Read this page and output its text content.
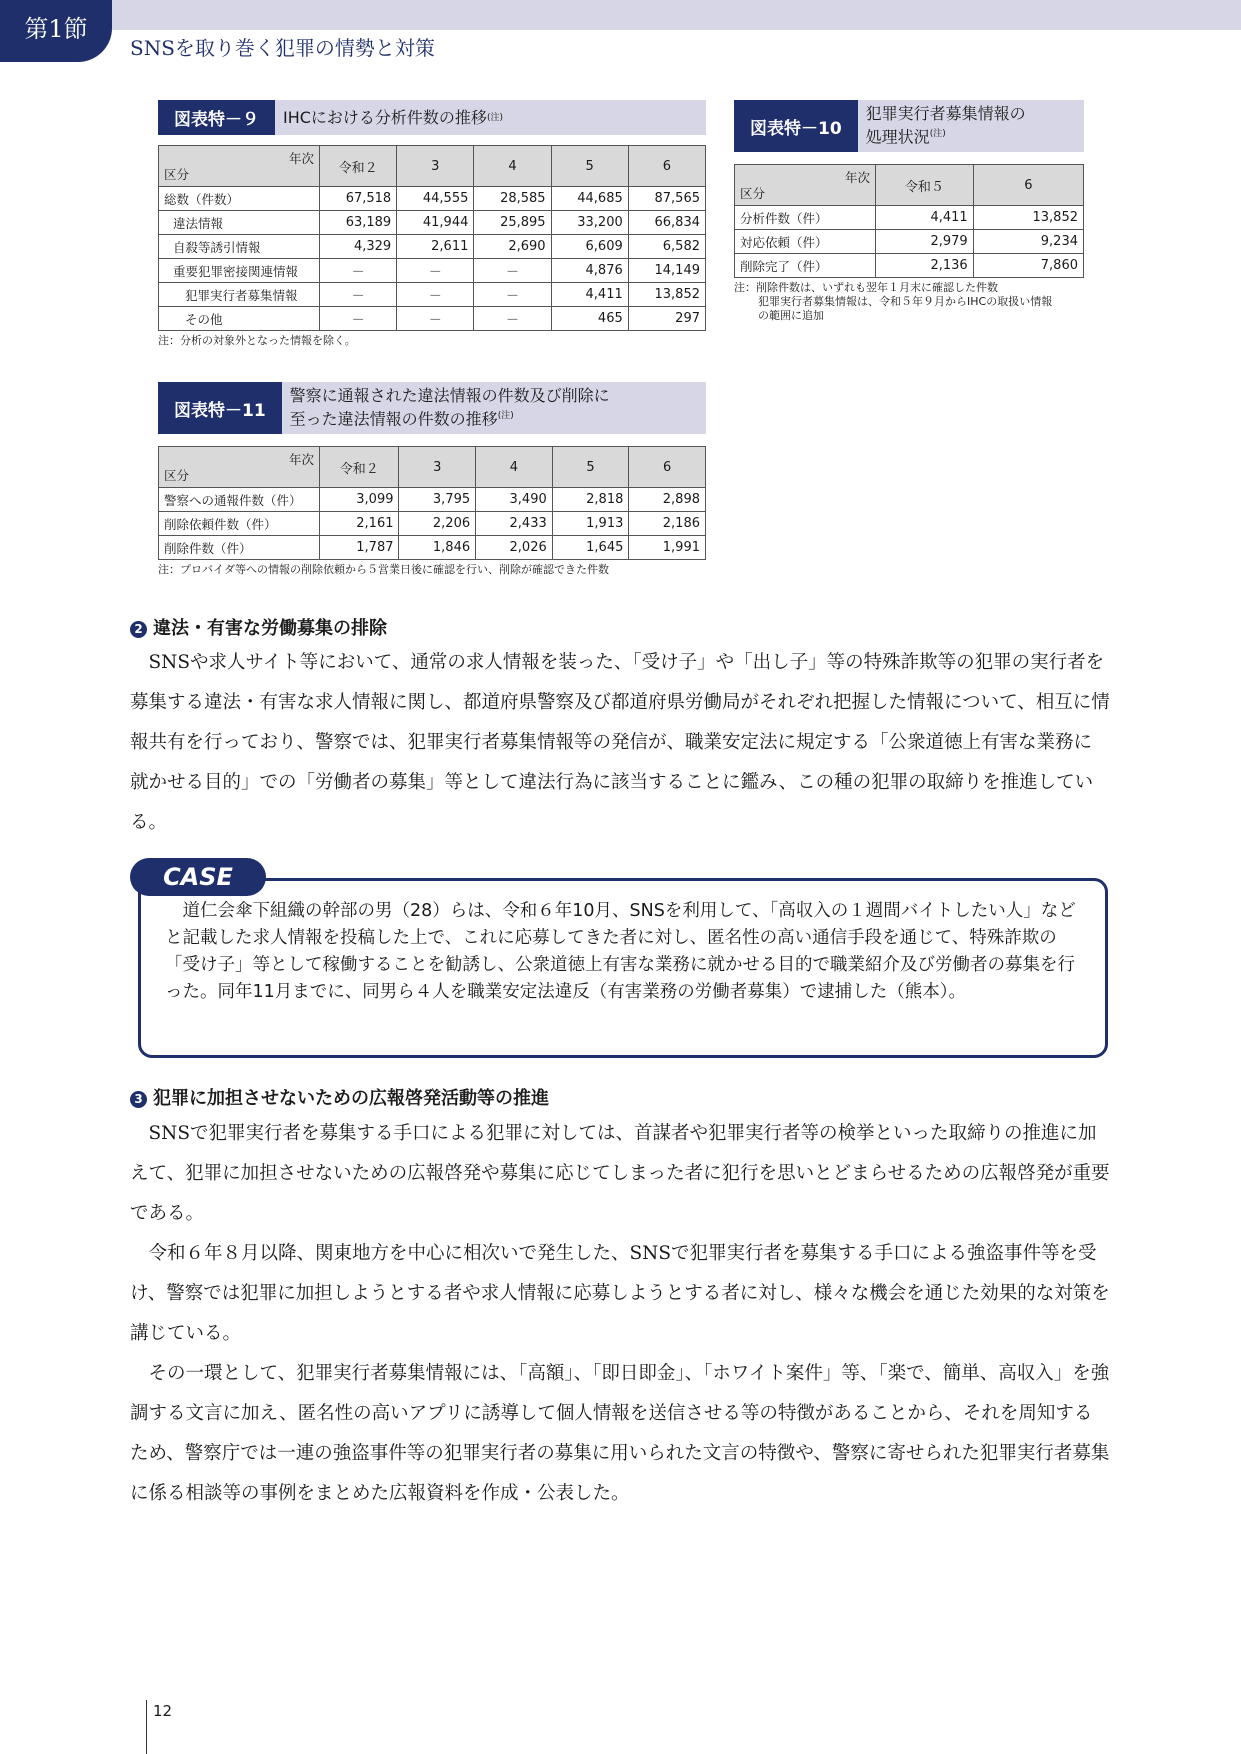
第1節
SNSを取り巻く犯罪の情勢と対策
図表特－９	IHCにおける分析件数の推移 (注)
年次
区分	令和２	3	4	5	6
総数（件数）	67,518	44,555	28,585	44,685	87,565
違法情報	63,189	41,944	25,895	33,200	66,834
自殺等誘引情報	4,329	2,611	2,690	6,609	6,582
重要犯罪密接関連情報	－	－	－	4,876	14,149
犯罪実行者募集情報	－	－	－	4,411	13,852
その他	－	－	－	465	297
注：分析の対象外となった情報を除く。
図表特－10
犯罪実行者募集情報の
処理状況$^{(注)}$
年次
区分	令和５	6
分析件数（件）	4,411	13,852
対応依頼（件）	2,979	9,234
削除完了（件）	2,136	7,860
注：削除件数は、いずれも翌年１月末に確認した件数
犯罪実行者募集情報は、令和５年９月からIHCの取扱い情報
の範囲に追加
図表特－11
警察に通報された違法情報の件数及び削除に
至った違法情報の件数の推移$^{(注)}$
年次
区分	令和２	3	4	5	6
警察への通報件数（件）	3,099	3,795	3,490	2,818	2,898
削除依頼件数（件）	2,161	2,206	2,433	1,913	2,186
削除件数（件）	1,787	1,846	2,026	1,645	1,991
注：プロバイダ等への情報の削除依頼から５営業日後に確認を行い、削除が確認できた件数
2 違法・有害な労働募集の排除

SNSや求人サイト等において、通常の求人情報を装った、「受け子」や「出し子」等の特殊詐欺等の犯罪の実行者を募集する違法・有害な求人情報に関し、都道府県警察及び都道府県労働局がそれぞれ把握した情報について、相互に情報共有を行っており、警察では、犯罪実行者募集情報等の発信が、職業安定法に規定する「公衆道徳上有害な業務に就かせる目的」での「労働者の募集」等として違法行為に該当することに鑑み、この種の犯罪の取締りを推進している。

CASE

道仁会傘下組織の幹部の男（28）らは、令和６年10月、SNSを利用して、「高収入の１週間バイトしたい人」などと記載した求人情報を投稿した上で、これに応募してきた者に対し、匿名性の高い通信手段を通じて、特殊詐欺の「受け子」等として稼働することを勧誘し、公衆道徳上有害な業務に就かせる目的で職業紹介及び労働者の募集を行った。同年11月までに、同男ら４人を職業安定法違反（有害業務の労働者募集）で逮捕した（熊本）。

3 犯罪に加担させないための広報啓発活動等の推進

SNSで犯罪実行者を募集する手口による犯罪に対しては、首謀者や犯罪実行者等の検挙といった取締りの推進に加えて、犯罪に加担させないための広報啓発や募集に応じてしまった者に犯行を思いとどまらせるための広報啓発が重要である。

令和６年８月以降、関東地方を中心に相次いで発生した、SNSで犯罪実行者を募集する手口による強盗事件等を受け、警察では犯罪に加担しようとする者や求人情報に応募しようとする者に対し、様々な機会を通じた効果的な対策を講じている。

その一環として、犯罪実行者募集情報には、「高額」、「即日即金」、「ホワイト案件」等、「楽で、簡単、高収入」を強調する文言に加え、匿名性の高いアプリに誘導して個人情報を送信させる等の特徴があることから、それを周知するため、警察庁では一連の強盗事件等の犯罪実行者の募集に用いられた文言の特徴や、警察に寄せられた犯罪実行者募集に係る相談等の事例をまとめた広報資料を作成・公表した。

12
